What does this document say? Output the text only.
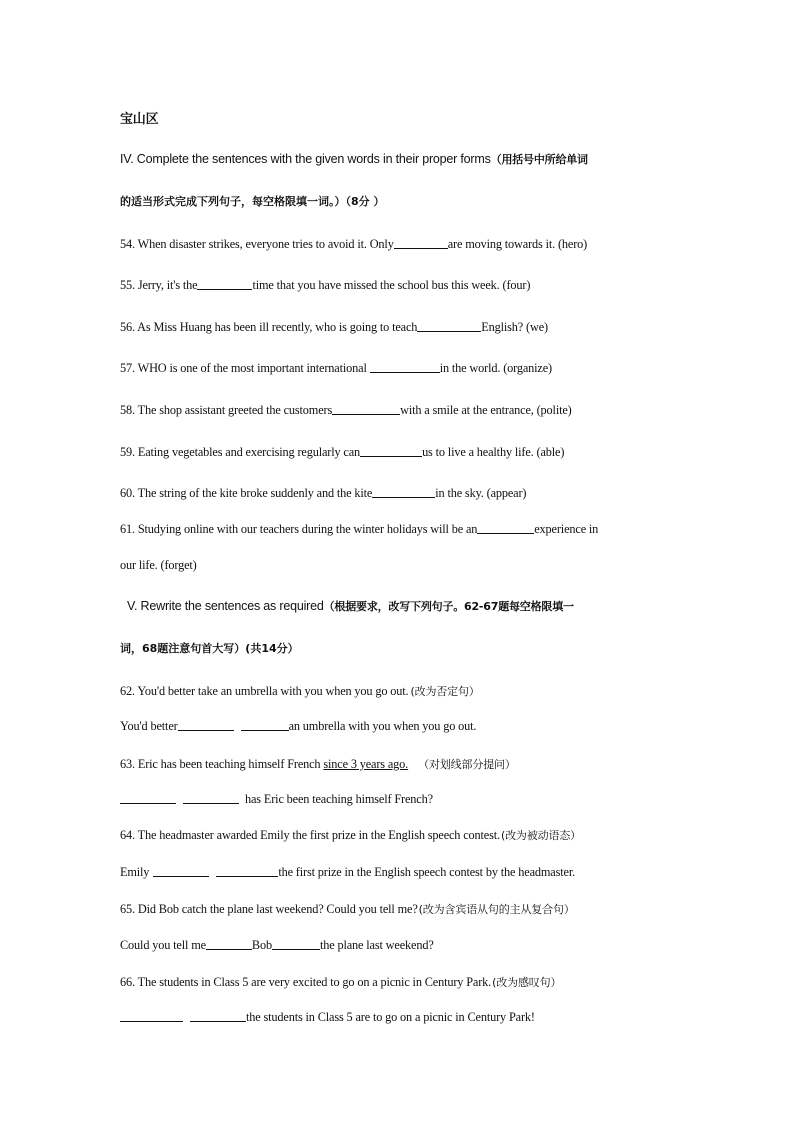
宝山区
IV. Complete the sentences with the given words in their proper forms（用括号中所给单词
的适当形式完成下列句子，每空格限填一词。）（8分 ）
54. When disaster strikes, everyone tries to avoid it. Only	are moving towards it. (hero)
55. Jerry, it's the	time that you have missed the school bus this week. (four)
56. As Miss Huang has been ill recently, who is going to teach	English? (we)
57. WHO is one of the most important international	in the world. (organize)
58. The shop assistant greeted the customers	with a smile at the entrance, (polite)
59. Eating vegetables and exercising regularly can	us to live a healthy life. (able)
60. The string of the kite broke suddenly and the kite	in the sky. (appear)
61. Studying online with our teachers during the winter holidays will be an	experience in
our life. (forget)
V. Rewrite the sentences as required（根据要求，改写下列句子。62-67题每空格限填一
词，68题注意句首大写）(共14分）
62. You'd better take an umbrella with you when you go out. (改为否定句）
You'd better	an umbrella with you when you go out.
63. Eric has been teaching himself French since 3 years ago. （对划线部分提问）
has Eric been teaching himself French?
64. The headmaster awarded Emily the first prize in the English speech contest.(改为被动语态）
Emily	the first prize in the English speech contest by the headmaster.
65. Did Bob catch the plane last weekend? Could you tell me?(改为含宾语从句的主从复合句）
Could you tell me	Bob	the plane last weekend?
66. The students in Class 5 are very excited to go on a picnic in Century Park.(改为感叹句）
the students in Class 5 are to go on a picnic in Century Park!
